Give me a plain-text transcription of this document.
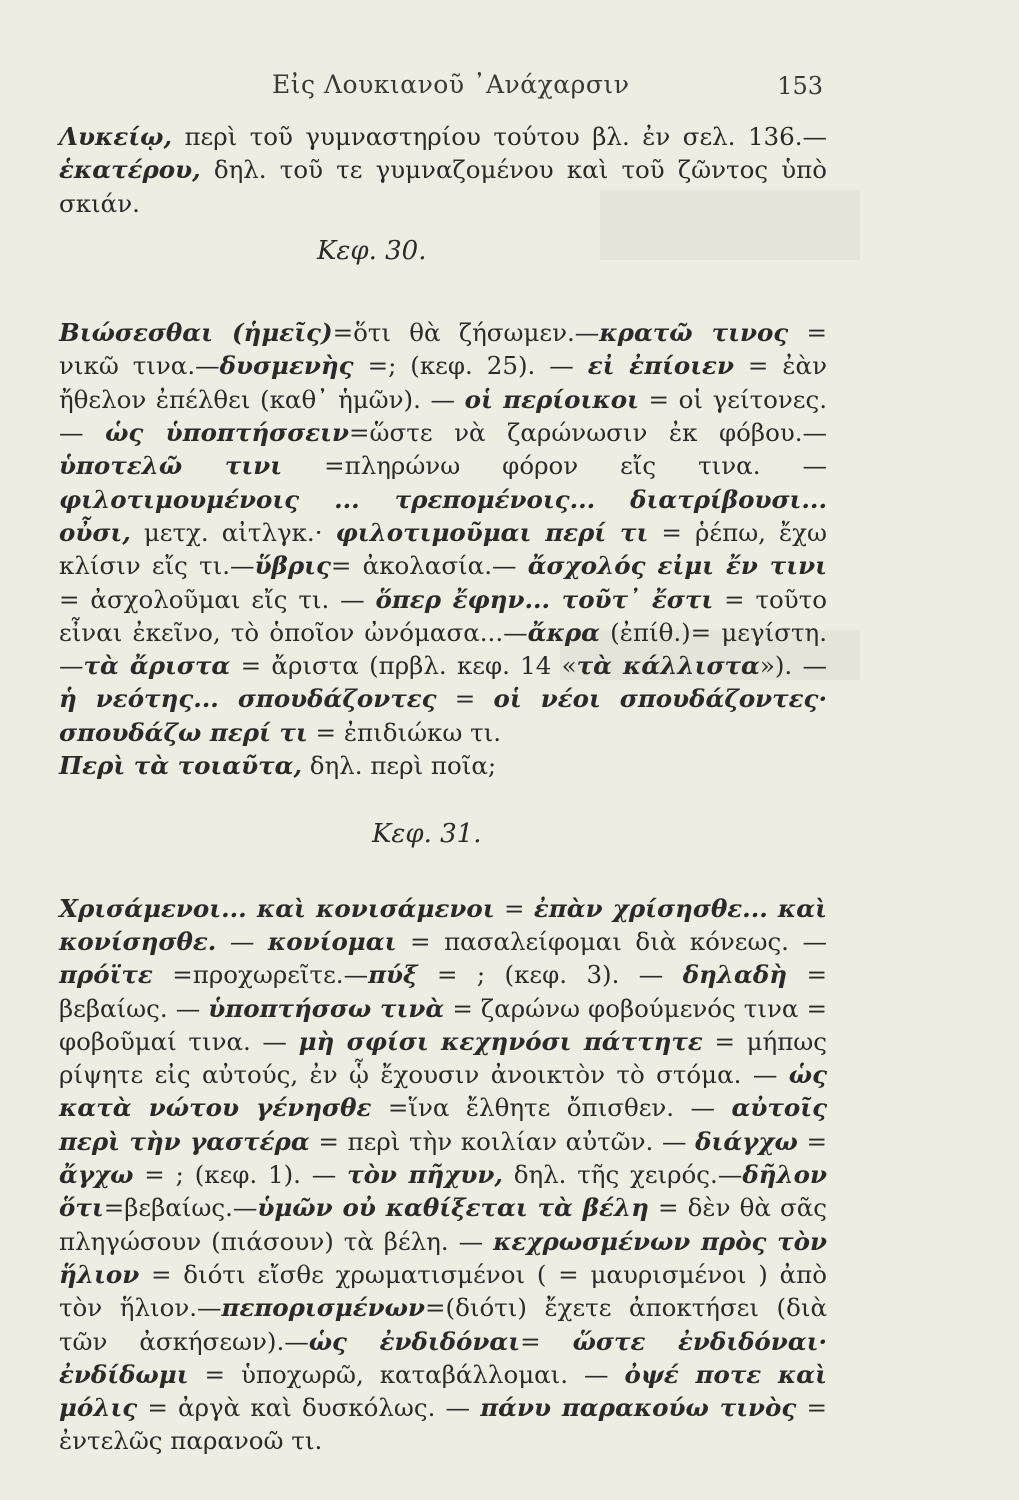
Εἰς Λουκιανοῦ ᾿Ανάχαρσιν	153

Λυκείῳ, περὶ τοῦ γυμναστηρίου τούτου βλ. ἐν σελ. 136.—ἑκατέρου, δηλ. τοῦ τε γυμναζομένου καὶ τοῦ ζῶντος ὑπὸ σκιάν.

Κεφ. 30.

Βιώσεσθαι (ἡμεῖς)=ὅτι θὰ ζήσωμεν.—κρατῶ τινος = νικῶ τινα.—δυσμενὴς =; (κεφ. 25). — εἰ ἐπίοιεν = ἐὰν ἤθελον ἐπέλθει (καθ᾽ ἡμῶν). — οἱ περίοικοι = οἱ γείτονες. — ὡς ὑποπτήσσειν=ὥστε νὰ ζαρώνωσιν ἐκ φόβου.—ὑποτελῶ τινι =πληρώνω φόρον εἴς τινα. — φιλοτιμουμένοις ... τρεπομένοις... διατρίβουσι... οὖσι, μετχ. αἰτλγκ.· φιλοτιμοῦμαι περί τι = ῥέπω, ἔχω κλίσιν εἴς τι.—ὕβρις= ἀκολασία.— ἄσχολός εἰμι ἔν τινι = ἀσχολοῦμαι εἴς τι. — ὅπερ ἔφην... τοῦτ᾽ ἔστι = τοῦτο εἶναι ἐκεῖνο, τὸ ὁποῖον ὠνόμασα...—ἄκρα (ἐπίθ.)= μεγίστη.—τὰ ἄριστα = ἄριστα (πρβλ. κεφ. 14 «τὰ κάλλιστα»). — ἡ νεότης... σπουδάζοντες = οἱ νέοι σπουδάζοντες· σπουδάζω περί τι = ἐπιδιώκω τι.

Περὶ τὰ τοιαῦτα, δηλ. περὶ ποῖα;

Κεφ. 31.

Χρισάμενοι... καὶ κονισάμενοι = ἐπὰν χρίσησθε... καὶ κονίσησθε. — κονίομαι = πασαλείφομαι διὰ κόνεως. — πρόϊτε =προχωρεῖτε.—πύξ = ; (κεφ. 3). — δηλαδὴ = βεβαίως. — ὑποπτήσσω τινὰ = ζαρώνω φοβούμενός τινα = φοβοῦμαί τινα. — μὴ σφίσι κεχηνόσι πάττητε = μήπως ρίψητε εἰς αὐτούς, ἐν ᾧ ἔχουσιν ἀνοικτὸν τὸ στόμα. — ὡς κατὰ νώτου γένησθε =ἵνα ἔλθητε ὄπισθεν. — αὐτοῖς περὶ τὴν γαστέρα = περὶ τὴν κοιλίαν αὐτῶν. — διάγχω = ἄγχω = ; (κεφ. 1). — τὸν πῆχυν, δηλ. τῆς χειρός.—δῆλον ὅτι=βεβαίως.—ὑμῶν οὐ καθίξεται τὰ βέλη = δὲν θὰ σᾶς πληγώσουν (πιάσουν) τὰ βέλη. — κεχρωσμένων πρὸς τὸν ἥλιον = διότι εἴσθε χρωματισμένοι ( = μαυρισμένοι ) ἀπὸ τὸν ἥλιον.—πεπορισμένων=(διότι) ἔχετε ἀποκτήσει (διὰ τῶν ἀσκήσεων).—ὡς ἐνδιδόναι= ὥστε ἐνδιδόναι· ἐνδίδωμι = ὑποχωρῶ, καταβάλλομαι. — ὀψέ ποτε καὶ μόλις = ἀργὰ καὶ δυσκόλως. — πάνυ παρακούω τινὸς = ἐντελῶς παρανοῶ τι.
